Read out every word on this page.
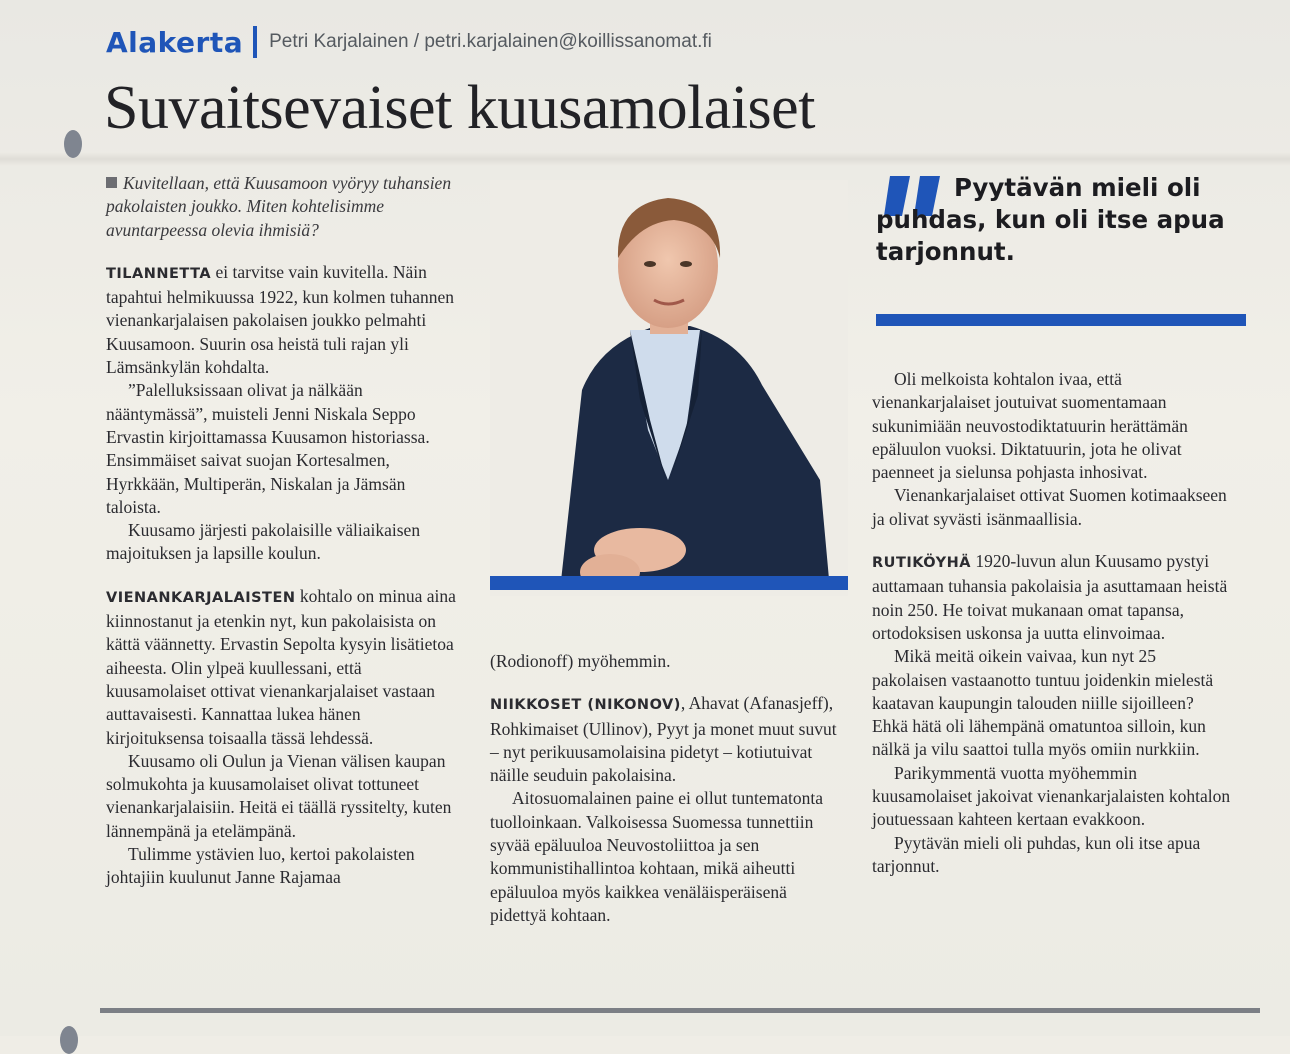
Alakerta Petri Karjalainen / petri.karjalainen@koillissanomat.fi
Suvaitsevaiset kuusamolaiset

Kuvitellaan, että Kuusamoon vyöryy tuhansien pakolaisten joukko. Miten kohtelisimme avuntarpeessa olevia ihmisiä?

TILANNETTA ei tarvitse vain kuvitella. Näin tapahtui helmikuussa 1922, kun kolmen tuhannen vienankarjalaisen pakolaisen joukko pelmahti Kuusamoon. Suurin osa heistä tuli rajan yli Lämsänkylän kohdalta.

”Palelluksissaan olivat ja nälkään nääntymässä”, muisteli Jenni Niskala Seppo Ervastin kirjoittamassa Kuusamon historiassa. Ensimmäiset saivat suojan Kortesalmen, Hyrkkään, Multiperän, Niskalan ja Jämsän taloista.

Kuusamo järjesti pakolaisille väliaikaisen majoituksen ja lapsille koulun.

VIENANKARJALAISTEN kohtalo on minua aina kiinnostanut ja etenkin nyt, kun pakolaisista on kättä väännetty. Ervastin Sepolta kysyin lisätietoa aiheesta. Olin ylpeä kuullessani, että kuusamolaiset ottivat vienankarjalaiset vastaan auttavaisesti. Kannattaa lukea hänen kirjoituksensa toisaalla tässä lehdessä.

Kuusamo oli Oulun ja Vienan välisen kaupan solmukohta ja kuusamolaiset olivat tottuneet vienankarjalaisiin. Heitä ei täällä ryssitelty, kuten lännempänä ja etelämpänä.

Tulimme ystävien luo, kertoi pakolaisten johtajiin kuulunut Janne Rajamaa

(Rodionoff) myöhemmin.

NIIKKOSET (NIKONOV), Ahavat (Afanasjeff), Rohkimaiset (Ullinov), Pyyt ja monet muut suvut – nyt perikuusamolaisina pidetyt – kotiutuivat näille seuduin pakolaisina.

Aitosuomalainen paine ei ollut tuntematonta tuolloinkaan. Valkoisessa Suomessa tunnettiin syvää epäluuloa Neuvostoliittoa ja sen kommunistihallintoa kohtaan, mikä aiheutti epäluuloa myös kaikkea venäläisperäisenä pidettyä kohtaan.

Pyytävän mieli oli puhdas, kun oli itse apua tarjonnut.

Oli melkoista kohtalon ivaa, että vienankarjalaiset joutuivat suomentamaan sukunimiään neuvostodiktatuurin herättämän epäluulon vuoksi. Diktatuurin, jota he olivat paenneet ja sielunsa pohjasta inhosivat.

Vienankarjalaiset ottivat Suomen kotimaakseen ja olivat syvästi isänmaallisia.

RUTIKÖYHÄ 1920-luvun alun Kuusamo pystyi auttamaan tuhansia pakolaisia ja asuttamaan heistä noin 250. He toivat mukanaan omat tapansa, ortodoksisen uskonsa ja uutta elinvoimaa.

Mikä meitä oikein vaivaa, kun nyt 25 pakolaisen vastaanotto tuntuu joidenkin mielestä kaatavan kaupungin talouden niille sijoilleen? Ehkä hätä oli lähempänä omatuntoa silloin, kun nälkä ja vilu saattoi tulla myös omiin nurkkiin.

Parikymmentä vuotta myöhemmin kuusamolaiset jakoivat vienankarjalaisten kohtalon joutuessaan kahteen kertaan evakkoon.

Pyytävän mieli oli puhdas, kun oli itse apua tarjonnut.
